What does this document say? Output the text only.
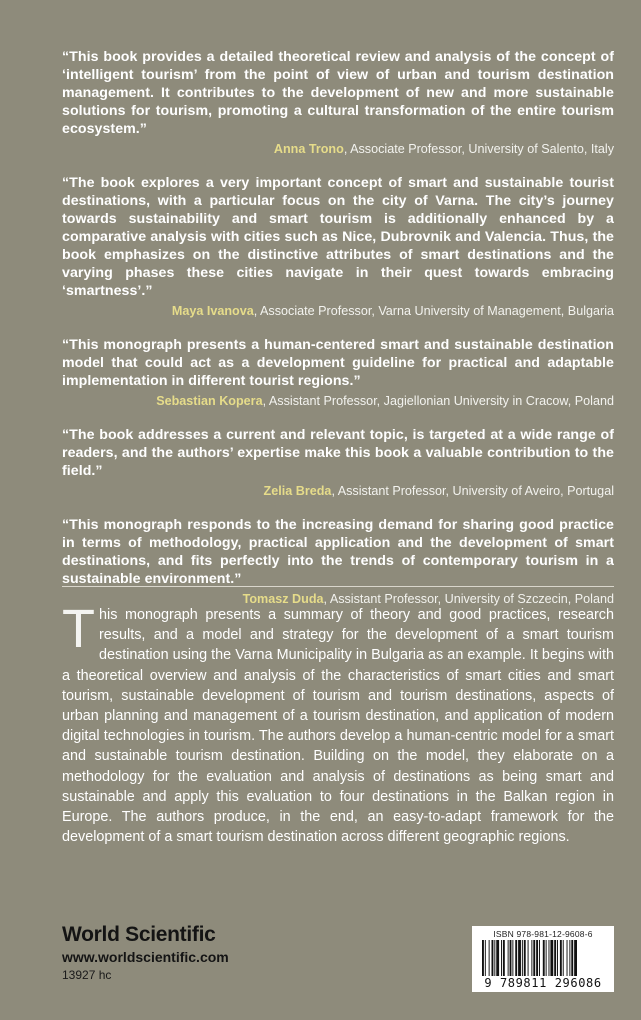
“This book provides a detailed theoretical review and analysis of the concept of ‘intelligent tourism’ from the point of view of urban and tourism destination management. It contributes to the development of new and more sustainable solutions for tourism, promoting a cultural transformation of the entire tourism ecosystem.”

Anna Trono, Associate Professor, University of Salento, Italy

“The book explores a very important concept of smart and sustainable tourist destinations, with a particular focus on the city of Varna. The city’s journey towards sustainability and smart tourism is additionally enhanced by a comparative analysis with cities such as Nice, Dubrovnik and Valencia. Thus, the book emphasizes on the distinctive attributes of smart destinations and the varying phases these cities navigate in their quest towards embracing ‘smartness’.”

Maya Ivanova, Associate Professor, Varna University of Management, Bulgaria

“This monograph presents a human-centered smart and sustainable destination model that could act as a development guideline for practical and adaptable implementation in different tourist regions.”

Sebastian Kopera, Assistant Professor, Jagiellonian University in Cracow, Poland

“The book addresses a current and relevant topic, is targeted at a wide range of readers, and the authors’ expertise make this book a valuable contribution to the field.”

Zelia Breda, Assistant Professor, University of Aveiro, Portugal

“This monograph responds to the increasing demand for sharing good practice in terms of methodology, practical application and the development of smart destinations, and fits perfectly into the trends of contemporary tourism in a sustainable environment.”

Tomasz Duda, Assistant Professor, University of Szczecin, Poland

This monograph presents a summary of theory and good practices, research results, and a model and strategy for the development of a smart tourism destination using the Varna Municipality in Bulgaria as an example. It begins with a theoretical overview and analysis of the characteristics of smart cities and smart tourism, sustainable development of tourism and tourism destinations, aspects of urban planning and management of a tourism destination, and application of modern digital technologies in tourism. The authors develop a human-centric model for a smart and sustainable tourism destination. Building on the model, they elaborate on a methodology for the evaluation and analysis of destinations as being smart and sustainable and apply this evaluation to four destinations in the Balkan region in Europe. The authors produce, in the end, an easy-to-adapt framework for the development of a smart tourism destination across different geographic regions.

World Scientific
www.worldscientific.com
13927 hc
ISBN 978-981-12-9608-6
9 789811 296086
